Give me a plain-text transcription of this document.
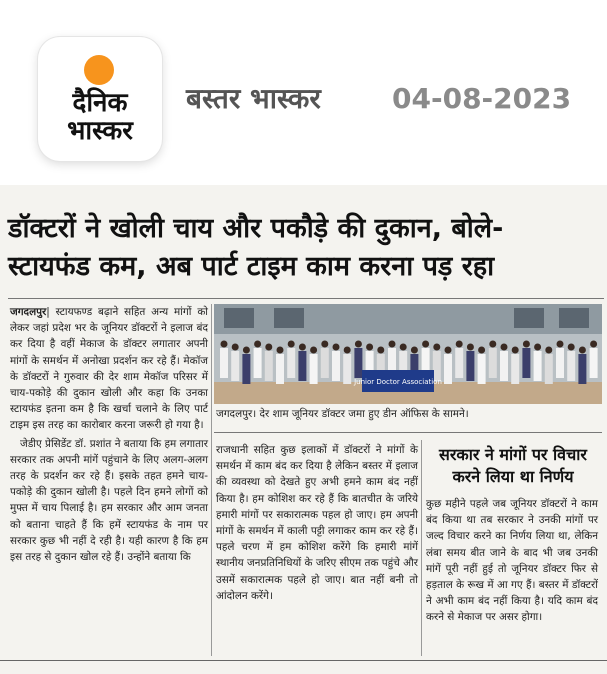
दैनिक
भास्कर
बस्तर भास्कर	04-08-2023
डॉक्टरों ने खोली चाय और पकौड़े की दुकान, बोले-
स्टायफंड कम, अब पार्ट टाइम काम करना पड़ रहा
जगदलपुर| स्टायफण्ड बढ़ाने सहित अन्य मांगों को लेकर जहां प्रदेश भर के जूनियर डॉक्टरों ने इलाज बंद कर दिया है वहीं मेकाज के डॉक्टर लगातार अपनी मांगों के समर्थन में अनोखा प्रदर्शन कर रहे हैं। मेकॉज के डॉक्टरों ने गुरुवार की देर शाम मेकॉज परिसर में चाय-पकोड़े की दुकान खोली और कहा कि उनका स्टायफंड इतना कम है कि खर्चा चलाने के लिए पार्ट टाइम इस तरह का कारोबार करना जरूरी हो गया है।
जेडीए प्रेसिडेंट डॉ. प्रशांत ने बताया कि हम लगातार सरकार तक अपनी मांगें पहुंचाने के लिए अलग-अलग तरह के प्रदर्शन कर रहे हैं। इसके तहत हमने चाय-पकोड़े की दुकान खोली है। पहले दिन हमने लोगों को मुफ्त में चाय पिलाई है। हम सरकार और आम जनता को बताना चाहते हैं कि हमें स्टायफंड के नाम पर सरकार कुछ भी नहीं दे रही है। यही कारण है कि हम इस तरह से दुकान खोल रहे हैं। उन्होंने बताया कि
Junior Doctor Association
जगदलपुर। देर शाम जूनियर डॉक्टर जमा हुए डीन ऑफिस के सामने।
राजधानी सहित कुछ इलाकों में डॉक्टरों ने मांगों के समर्थन में काम बंद कर दिया है लेकिन बस्तर में इलाज की व्यवस्था को देखते हुए अभी हमने काम बंद नहीं किया है। हम कोशिश कर रहे हैं कि बातचीत के जरिये हमारी मांगों पर सकारात्मक पहल हो जाए। हम अपनी मांगों के समर्थन में काली पट्टी लगाकर काम कर रहे हैं। पहले चरण में हम कोशिश करेंगे कि हमारी मांगें स्थानीय जनप्रतिनिधियों के जरिए सीएम तक पहुंचे और उसमें सकारात्मक पहले हो जाए। बात नहीं बनी तो आंदोलन करेंगे।
सरकार ने मांगों पर विचार करने लिया था निर्णय
कुछ महीने पहले जब जूनियर डॉक्टरों ने काम बंद किया था तब सरकार ने उनकी मांगों पर जल्द विचार करने का निर्णय लिया था, लेकिन लंबा समय बीत जाने के बाद भी जब उनकी मांगें पूरी नहीं हुई तो जूनियर डॉक्टर फिर से हड़ताल के रूख में आ गए हैं। बस्तर में डॉक्टरों ने अभी काम बंद नहीं किया है। यदि काम बंद करने से मेकाज पर असर होगा।
